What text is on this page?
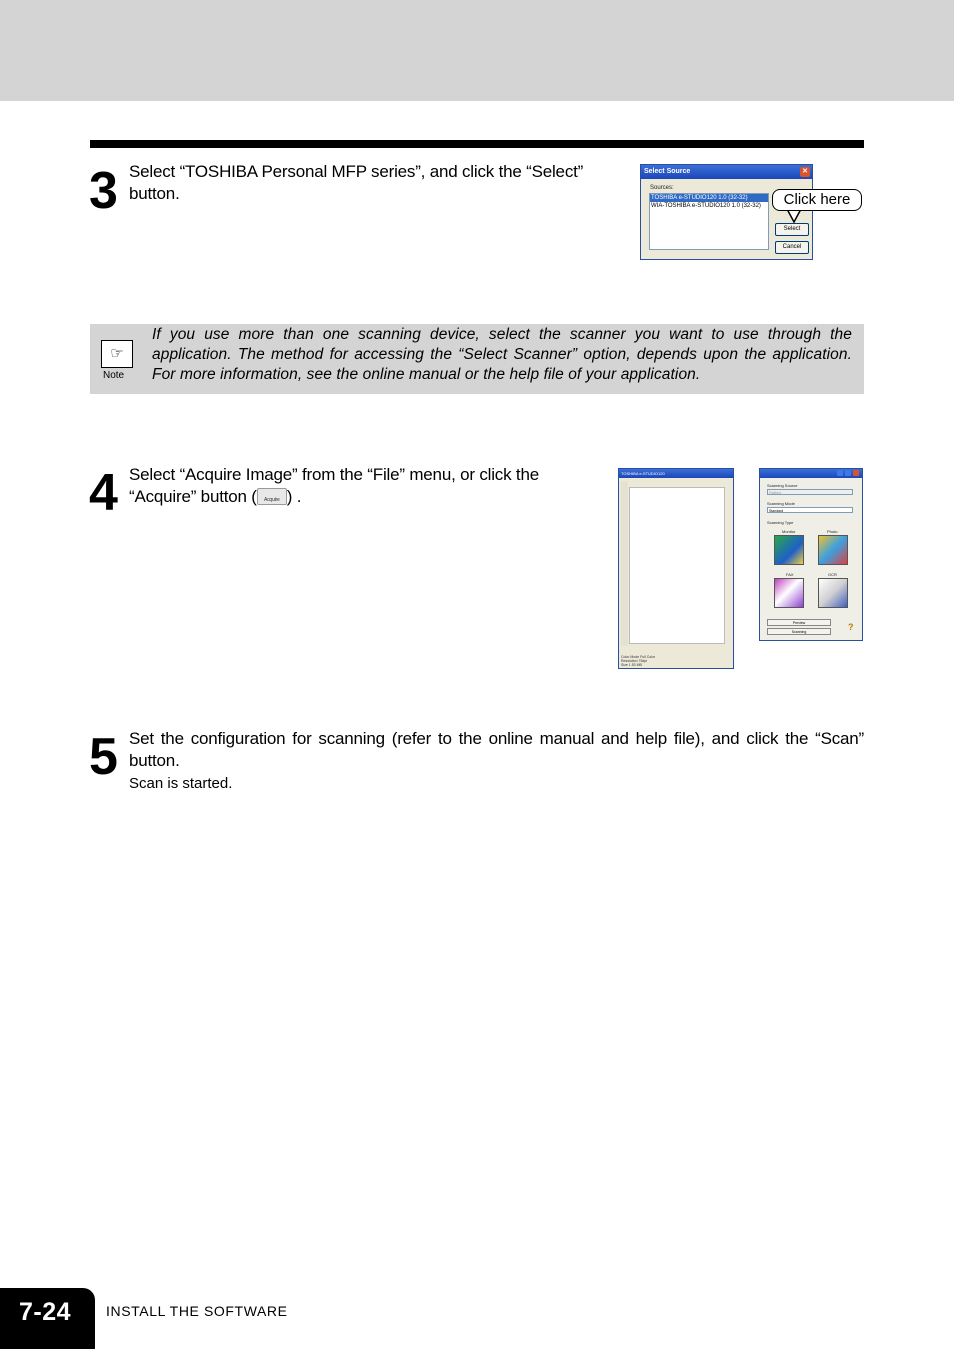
3 Select “TOSHIBA Personal MFP series”, and click the “Select” button.
Select Source	✕
Sources:
TOSHIBA e-STUDIO120 1.0 (32-32)
WIA-TOSHIBA e-STUDIO120 1.0 (32-32)
Select
Cancel
Click here
☞
Note
If you use more than one scanning device, select the scanner you want to use through the application. The method for accessing the “Select Scanner” option, depends upon the application. For more information, see the online manual or the help file of your application.
4 Select “Acquire Image” from the “File” menu, or click the “Acquire” button ( Acquire ) .
TOSHIBA e-STUDIO120
Color Mode Full Color
Resolution 75dpi
Size 1.53 MB
Scanning Source
Flatbed
Scanning Mode
Standard
Scanning Type
Monitor	Photo
FAX	OCR
Preview
Scanning	?
5 Set the configuration for scanning (refer to the online manual and help file), and click the “Scan” button.
Scan is started.
7-24	INSTALL THE SOFTWARE
